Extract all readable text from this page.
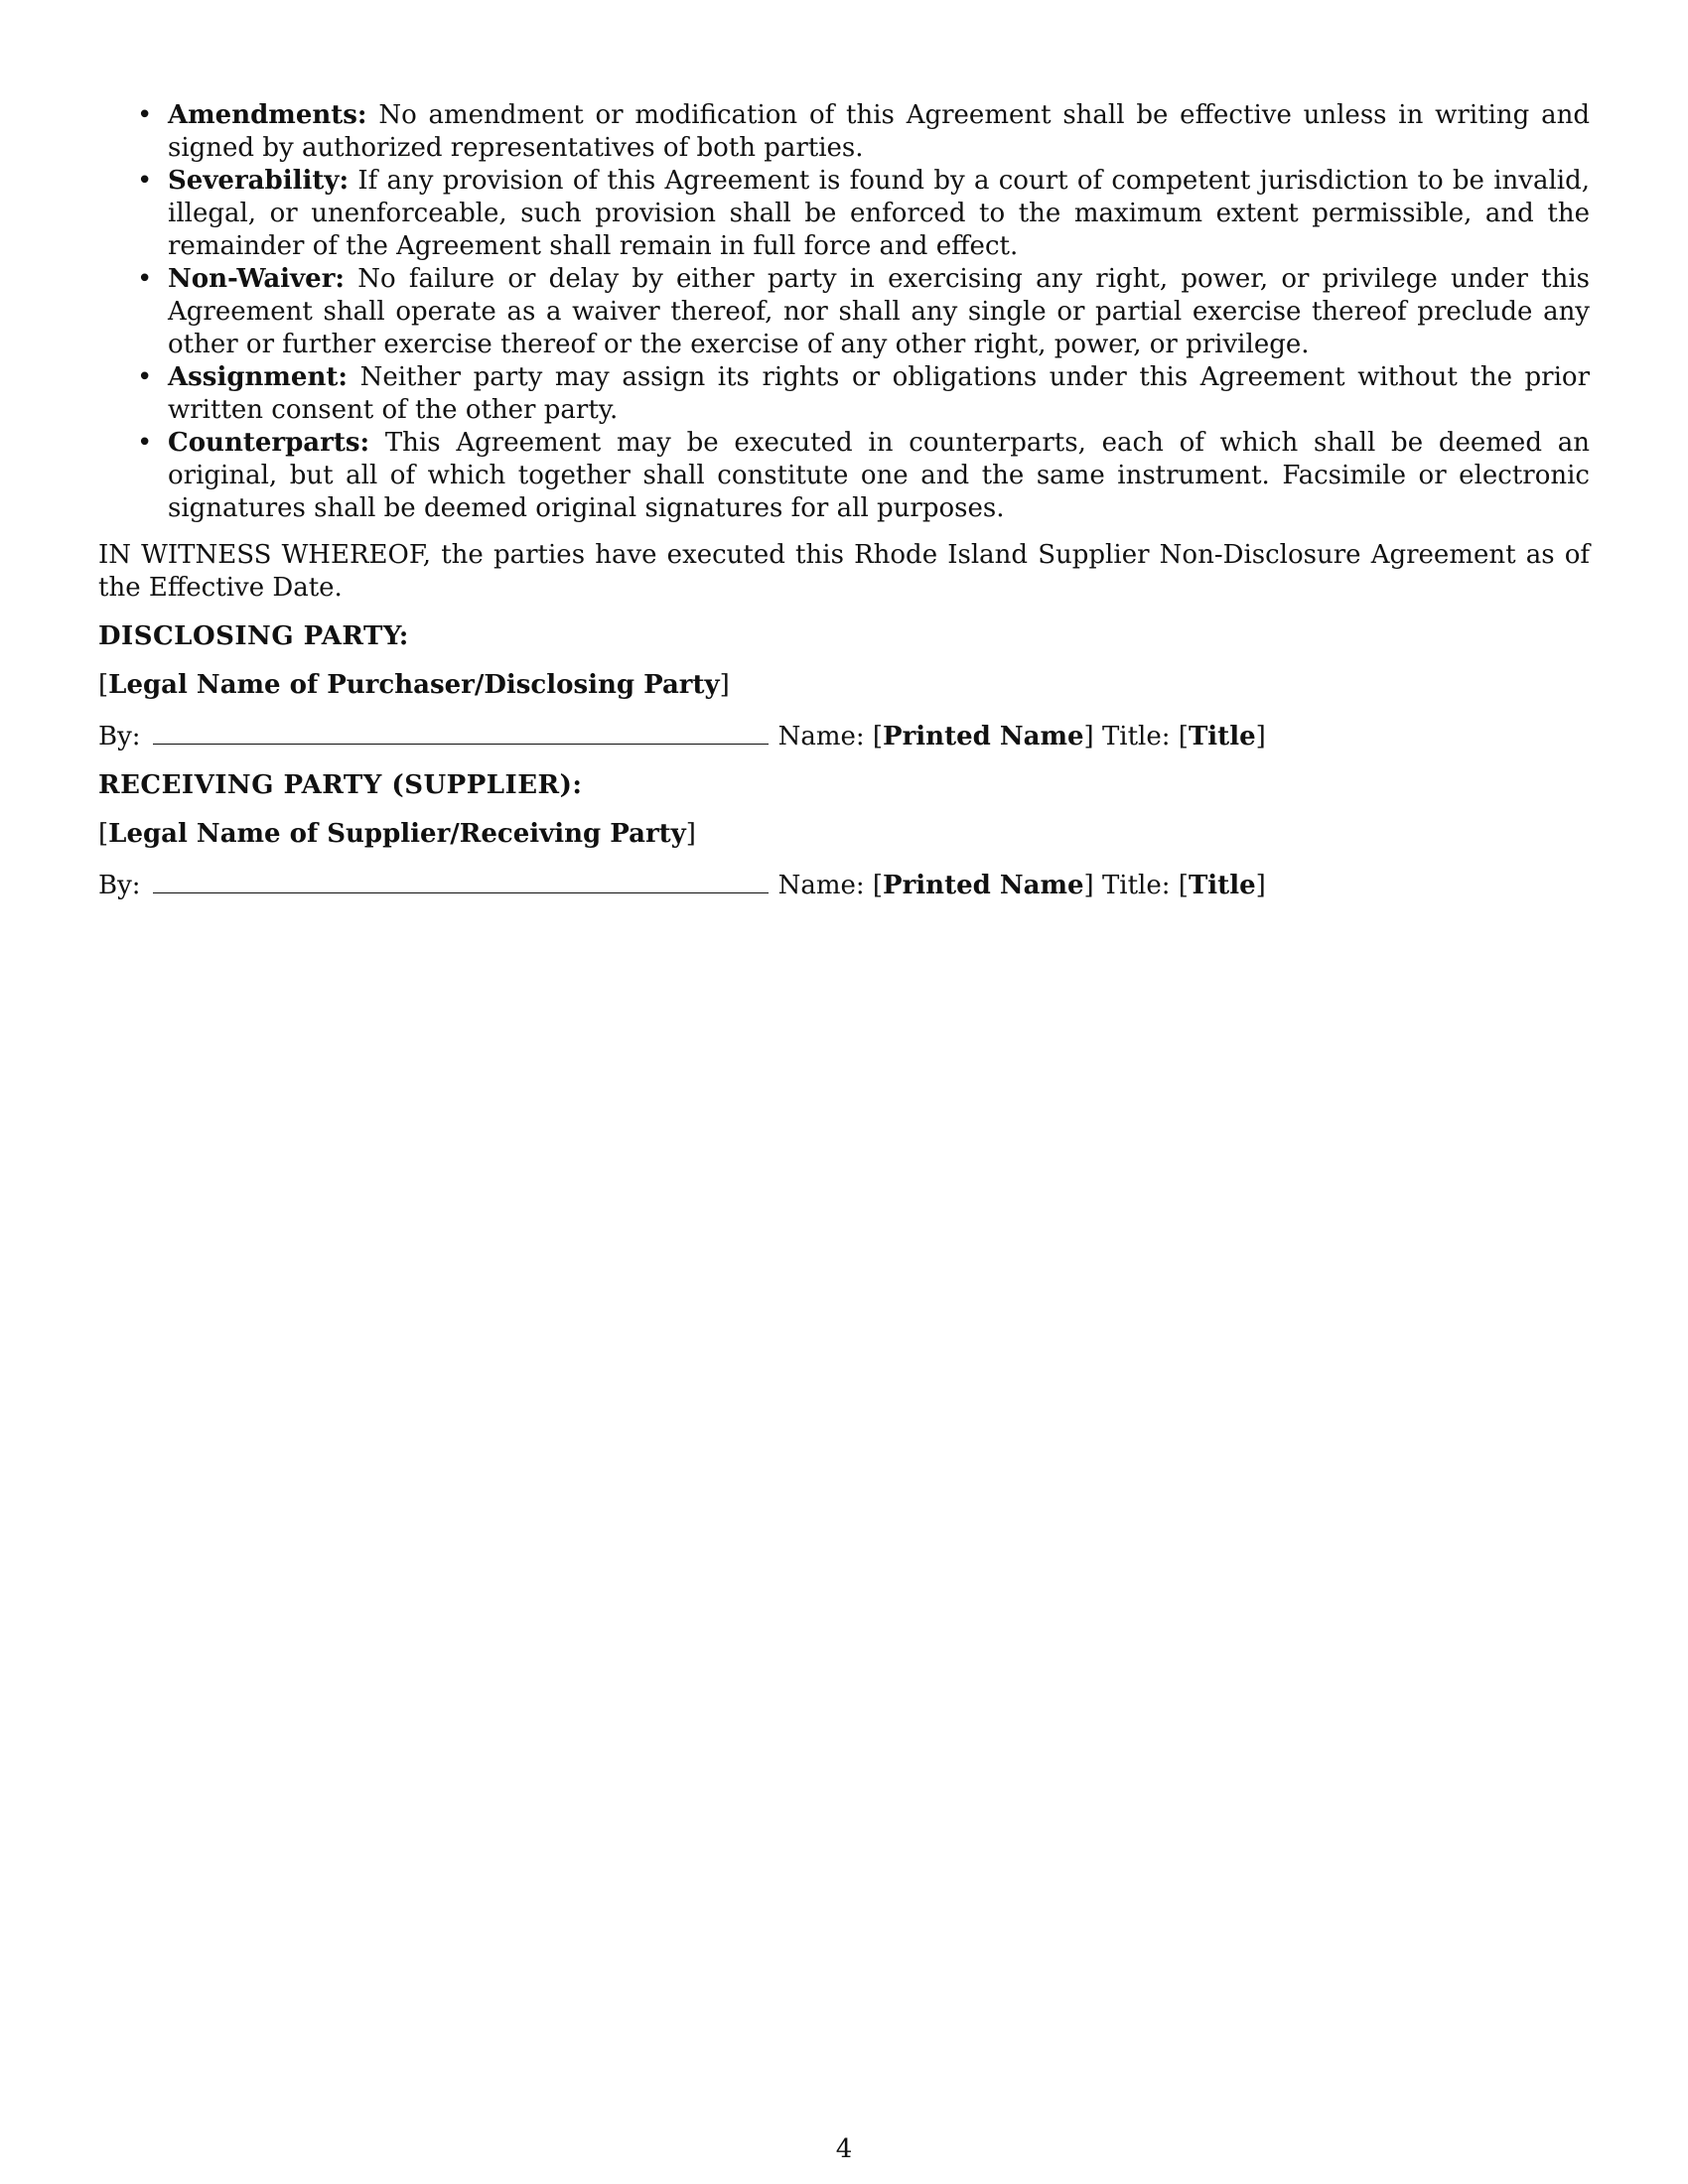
• Amendments: No amendment or modification of this Agreement shall be effective unless in writing and signed by authorized representatives of both parties.
• Severability: If any provision of this Agreement is found by a court of competent jurisdiction to be invalid, illegal, or unenforceable, such provision shall be enforced to the maximum extent permissible, and the remainder of the Agreement shall remain in full force and effect.
• Non-Waiver: No failure or delay by either party in exercising any right, power, or privilege under this Agreement shall operate as a waiver thereof, nor shall any single or partial exercise thereof preclude any other or further exercise thereof or the exercise of any other right, power, or privilege.
• Assignment: Neither party may assign its rights or obligations under this Agreement without the prior written consent of the other party.
• Counterparts: This Agreement may be executed in counterparts, each of which shall be deemed an original, but all of which together shall constitute one and the same instrument. Facsimile or electronic signatures shall be deemed original signatures for all purposes.

IN WITNESS WHEREOF, the parties have executed this Rhode Island Supplier Non-Disclosure Agreement as of the Effective Date.

DISCLOSING PARTY:
[Legal Name of Purchaser/Disclosing Party]
By:	Name: [Printed Name] Title: [Title]
RECEIVING PARTY (SUPPLIER):
[Legal Name of Supplier/Receiving Party]
By:	Name: [Printed Name] Title: [Title]
4
